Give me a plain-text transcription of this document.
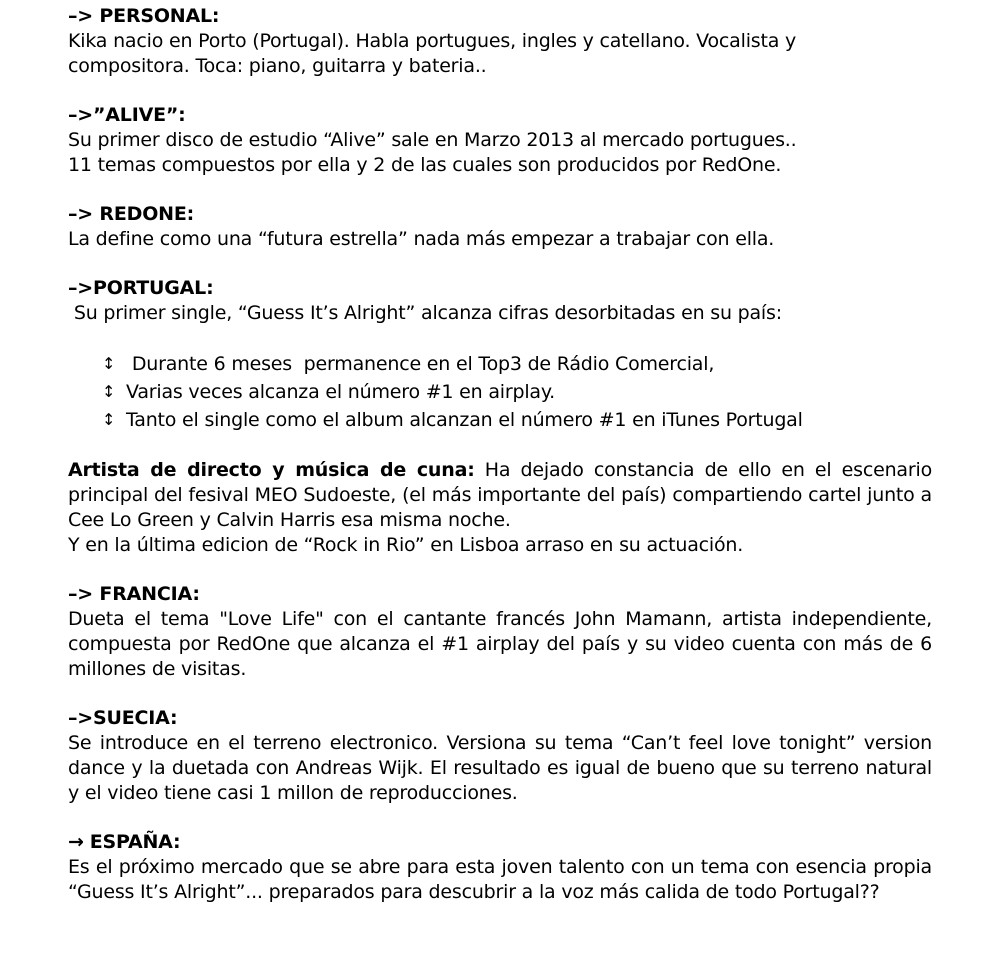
–> PERSONAL:
Kika nacio en Porto (Portugal). Habla portugues, ingles y catellano. Vocalista y
compositora. Toca: piano, guitarra y bateria..
–>”ALIVE”:
Su primer disco de estudio “Alive” sale en Marzo 2013 al mercado portugues..
11 temas compuestos por ella y 2 de las cuales son producidos por RedOne.
–> REDONE:
La define como una “futura estrella” nada más empezar a trabajar con ella.
–>PORTUGAL:
Su primer single, “Guess It’s Alright” alcanza cifras desorbitadas en su país:
↕ Durante 6 meses  permanence en el Top3 de Rádio Comercial,
↕ Varias veces alcanza el número #1 en airplay.
↕ Tanto el single como el album alcanzan el número #1 en iTunes Portugal
Artista de directo y música de cuna: Ha dejado constancia de ello en el escenario principal del fesival MEO Sudoeste, (el más importante del país) compartiendo cartel junto a Cee Lo Green y Calvin Harris esa misma noche.
Y en la última edicion de “Rock in Rio” en Lisboa arraso en su actuación.
–> FRANCIA:
Dueta el tema "Love Life" con el cantante francés John Mamann, artista independiente, compuesta por RedOne que alcanza el #1 airplay del país y su video cuenta con más de 6 millones de visitas.
–>SUECIA:
Se introduce en el terreno electronico. Versiona su tema “Can’t feel love tonight” version dance y la duetada con Andreas Wijk. El resultado es igual de bueno que su terreno natural y el video tiene casi 1 millon de reproducciones.
→ ESPAÑA:
Es el próximo mercado que se abre para esta joven talento con un tema con esencia propia “Guess It’s Alright”... preparados para descubrir a la voz más calida de todo Portugal??
